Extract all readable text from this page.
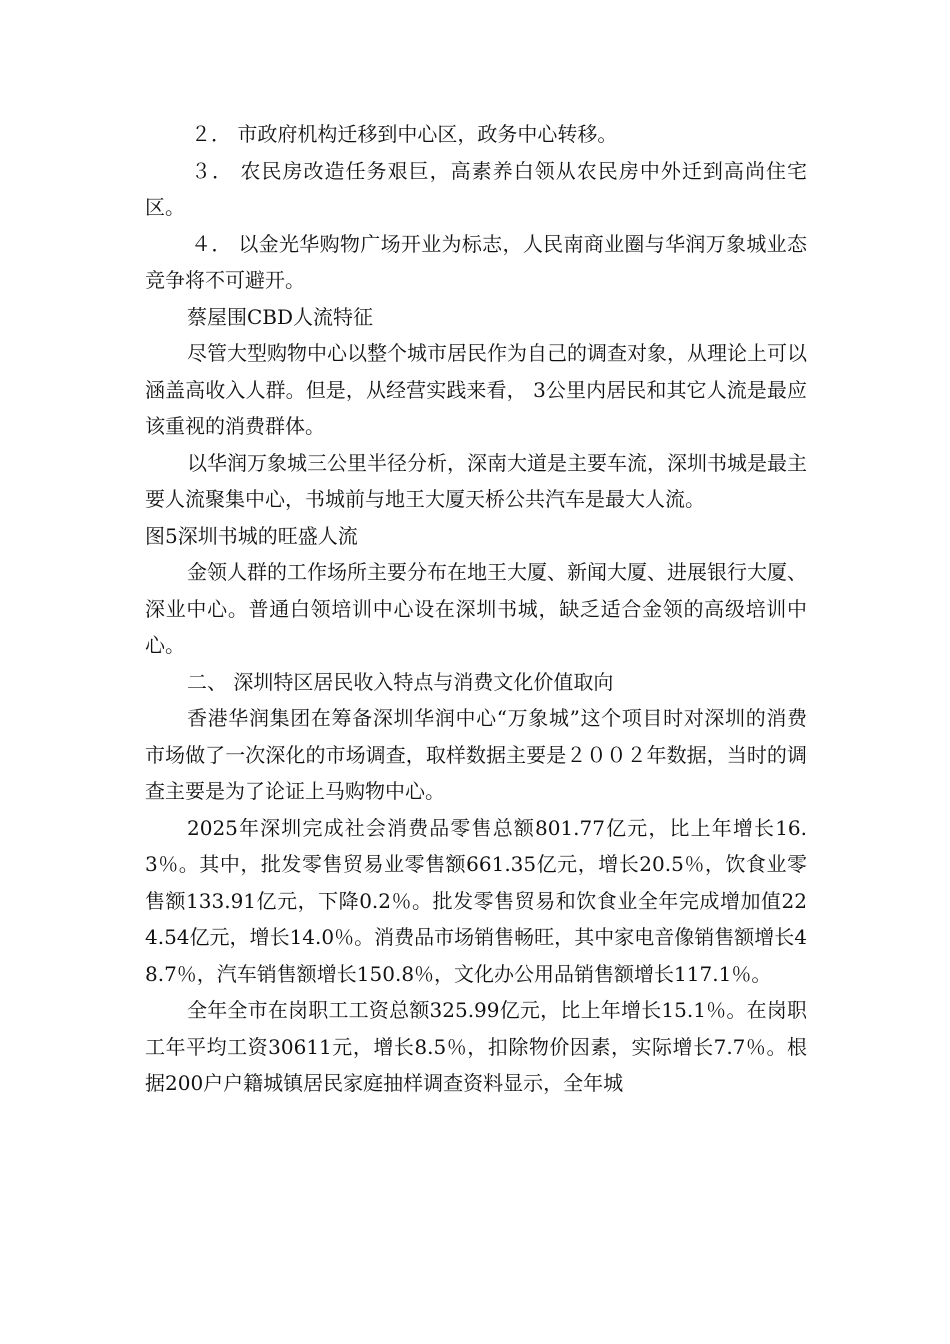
２． 市政府机构迁移到中心区，政务中心转移。

３． 农民房改造任务艰巨，高素养白领从农民房中外迁到高尚住宅区。

４． 以金光华购物广场开业为标志，人民南商业圈与华润万象城业态竞争将不可避开。

蔡屋围CBD人流特征

尽管大型购物中心以整个城市居民作为自己的调查对象，从理论上可以涵盖高收入人群。但是，从经营实践来看， 3公里内居民和其它人流是最应该重视的消费群体。

以华润万象城三公里半径分析，深南大道是主要车流，深圳书城是最主要人流聚集中心，书城前与地王大厦天桥公共汽车是最大人流。

图5深圳书城的旺盛人流

金领人群的工作场所主要分布在地王大厦、新闻大厦、进展银行大厦、深业中心。普通白领培训中心设在深圳书城，缺乏适合金领的高级培训中心。

二、 深圳特区居民收入特点与消费文化价值取向

香港华润集团在筹备深圳华润中心“万象城”这个项目时对深圳的消费市场做了一次深化的市场调查，取样数据主要是２００２年数据，当时的调查主要是为了论证上马购物中心。

2025年深圳完成社会消费品零售总额801.77亿元，比上年增长16.3％。其中，批发零售贸易业零售额661.35亿元，增长20.5％，饮食业零售额133.91亿元，下降0.2％。批发零售贸易和饮食业全年完成增加值224.54亿元，增长14.0％。消费品市场销售畅旺，其中家电音像销售额增长48.7％，汽车销售额增长150.8％，文化办公用品销售额增长117.1％。

全年全市在岗职工工资总额325.99亿元，比上年增长15.1％。在岗职工年平均工资30611元，增长8.5％，扣除物价因素，实际增长7.7％。根据200户户籍城镇居民家庭抽样调查资料显示，全年城
